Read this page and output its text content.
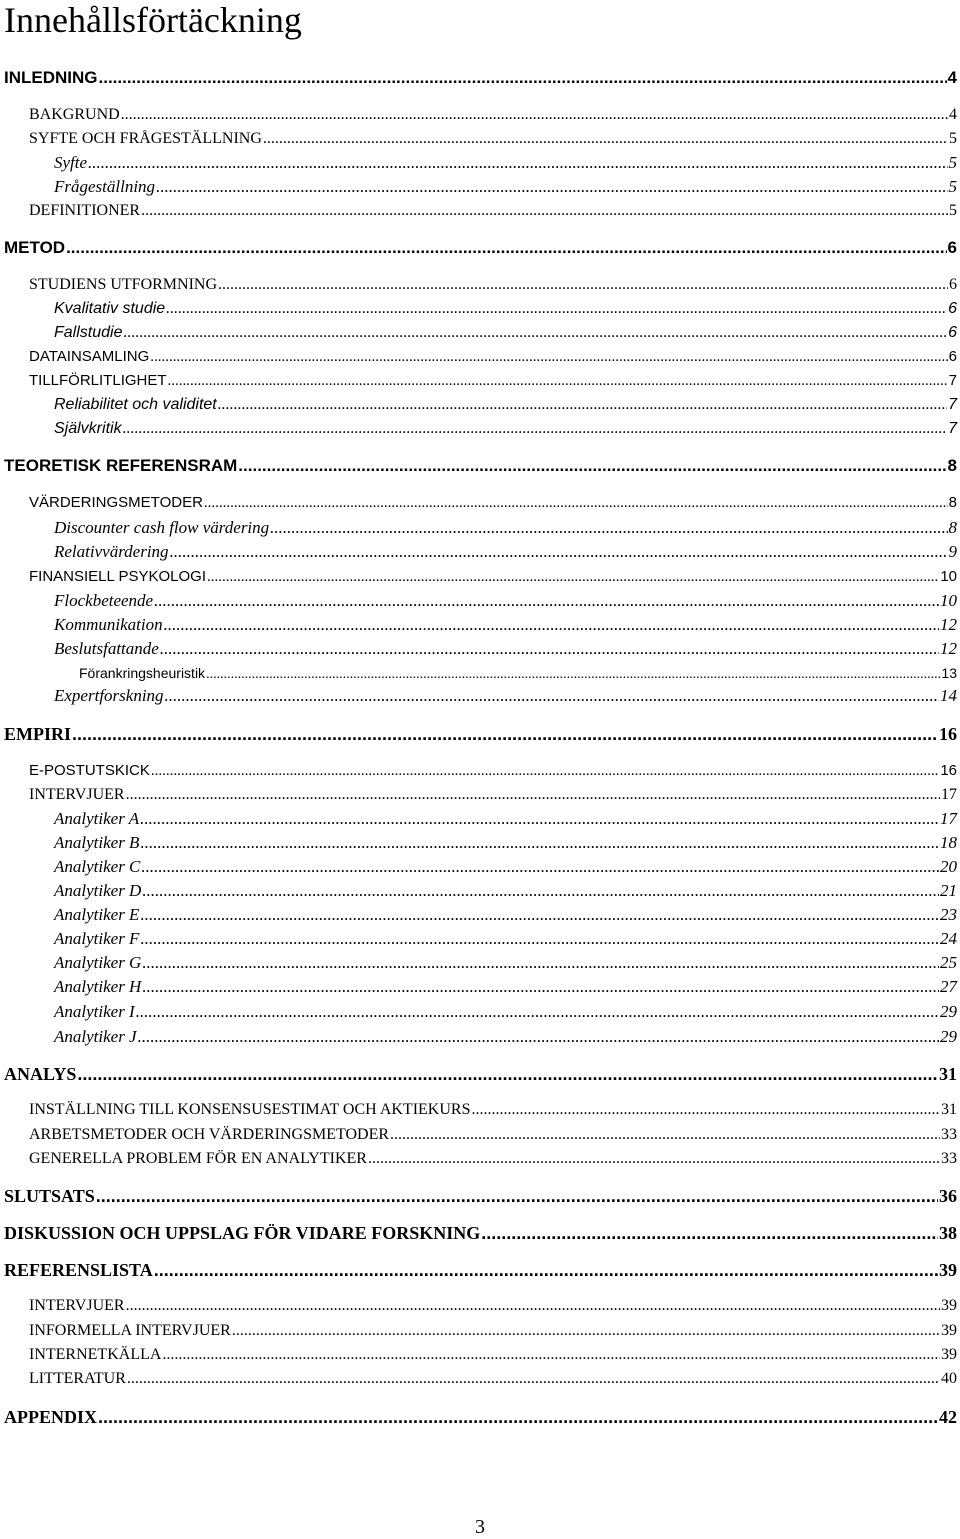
Innehållsförtäckning
INLEDNING .....	4
BAKGRUND .....	4
SYFTE OCH FRÅGESTÄLLNING .....	5
Syfte .....	5
Frågeställning .....	5
DEFINITIONER .....	5
METOD .....	6
STUDIENS UTFORMNING .....	6
Kvalitativ studie .....	6
Fallstudie .....	6
DATAINSAMLING .....	6
TILLFÖRLITLIGHET .....	7
Reliabilitet och validitet .....	7
Självkritik .....	7
TEORETISK REFERENSRAM .....	8
VÄRDERINGSMETODER .....	8
Discounter cash flow värdering .....	8
Relativvärdering .....	9
FINANSIELL PSYKOLOGI .....	10
Flockbeteende .....	10
Kommunikation .....	12
Beslutsfattande .....	12
Förankringsheuristik .....	13
Expertforskning .....	14
EMPIRI .....	16
E-POSTUTSKICK .....	16
INTERVJUER .....	17
Analytiker A .....	17
Analytiker B .....	18
Analytiker C .....	20
Analytiker D .....	21
Analytiker E .....	23
Analytiker F .....	24
Analytiker G .....	25
Analytiker H .....	27
Analytiker I .....	29
Analytiker J .....	29
ANALYS .....	31
INSTÄLLNING TILL KONSENSUSESTIMAT OCH AKTIEKURS .....	31
ARBETSMETODER OCH VÄRDERINGSMETODER .....	33
GENERELLA PROBLEM FÖR EN ANALYTIKER .....	33
SLUTSATS .....	36
DISKUSSION OCH UPPSLAG FÖR VIDARE FORSKNING .....	38
REFERENSLISTA .....	39
INTERVJUER .....	39
INFORMELLA INTERVJUER .....	39
INTERNETKÄLLA .....	39
LITTERATUR .....	40
APPENDIX .....	42
3
